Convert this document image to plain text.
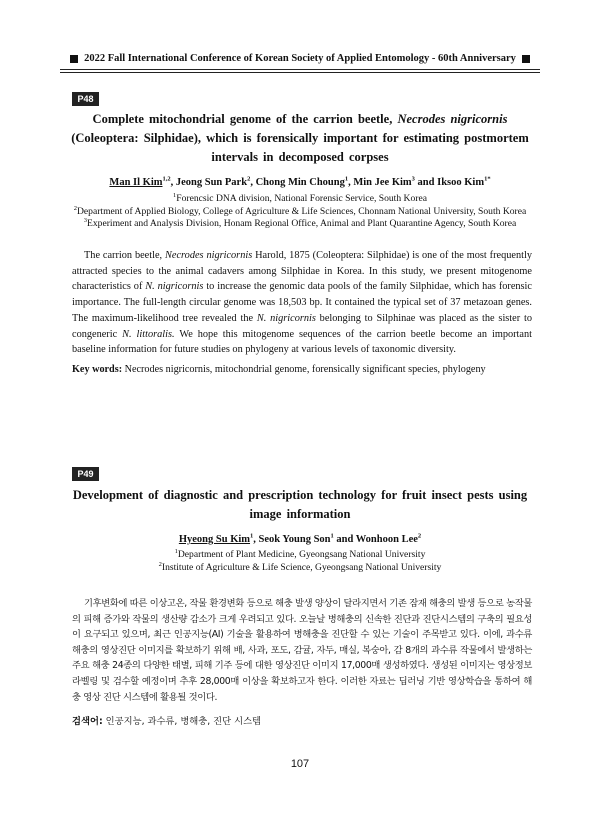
2022 Fall International Conference of Korean Society of Applied Entomology - 60th Anniversary
P48
Complete mitochondrial genome of the carrion beetle, Necrodes nigricornis
(Coleoptera: Silphidae), which is forensically important for estimating postmortem
intervals in decomposed corpses
Man Il Kim$^{1,2}$, Jeong Sun Park$^2$, Chong Min Choung$^1$, Min Jee Kim$^3$ and Iksoo Kim$^{1*}$
$^1$Forencsic DNA division, National Forensic Service, South Korea
$^2$Department of Applied Biology, College of Agriculture & Life Sciences, Chonnam National University, South Korea
$^3$Experiment and Analysis Division, Honam Regional Office, Animal and Plant Quarantine Agency, South Korea

The carrion beetle, Necrodes nigricornis Harold, 1875 (Coleoptera: Silphidae) is one of the most frequently attracted species to the animal cadavers among Silphidae in Korea. In this study, we present mitogenome characteristics of N. nigricornis to increase the genomic data pools of the family Silphidae, which has forensic importance. The full-length circular genome was 18,503 bp. It contained the typical set of 37 metazoan genes. The maximum-likelihood tree revealed the N. nigricornis belonging to Silphinae was placed as the sister to congeneric N. littoralis. We hope this mitogenome sequences of the carrion beetle become an important baseline information for future studies on phylogeny at various levels of taxonomic diversity.

Key words: Necrodes nigricornis, mitochondrial genome, forensically significant species, phylogeny
P49
Development of diagnostic and prescription technology for fruit insect pests using
image information
Hyeong Su Kim$^1$, Seok Young Son$^1$ and Wonhoon Lee$^2$
$^1$Department of Plant Medicine, Gyeongsang National University
$^2$Institute of Agriculture & Life Science, Gyeongsang National University

기후변화에 따른 이상고온, 작물 환경변화 등으로 해충 발생 양상이 달라지면서 기존 잠재 해충의 발생 등으로 농작물의 피해 증가와 작물의 생산량 감소가 크게 우려되고 있다. 오늘날 병해충의 신속한 진단과 진단시스템의 구축의 필요성이 요구되고 있으며, 최근 인공지능(AI) 기술을 활용하여 병해충을 진단할 수 있는 기술이 주목받고 있다. 이에, 과수류 해충의 영상진단 이미지를 확보하기 위해 배, 사과, 포도, 감귤, 자두, 매실, 복숭아, 감 8개의 과수류 작물에서 발생하는 주요 해충 24종의 다양한 태별, 피해 기주 등에 대한 영상진단 이미지 17,000매 생성하였다. 생성된 이미지는 영상정보 라벨링 및 검수할 예정이며 추후 28,000매 이상을 확보하고자 한다. 이러한 자료는 딥러닝 기반 영상학습을 통하여 해충 영상 진단 시스템에 활용될 것이다.

검색어: 인공지능, 과수류, 병해충, 진단 시스템
107
